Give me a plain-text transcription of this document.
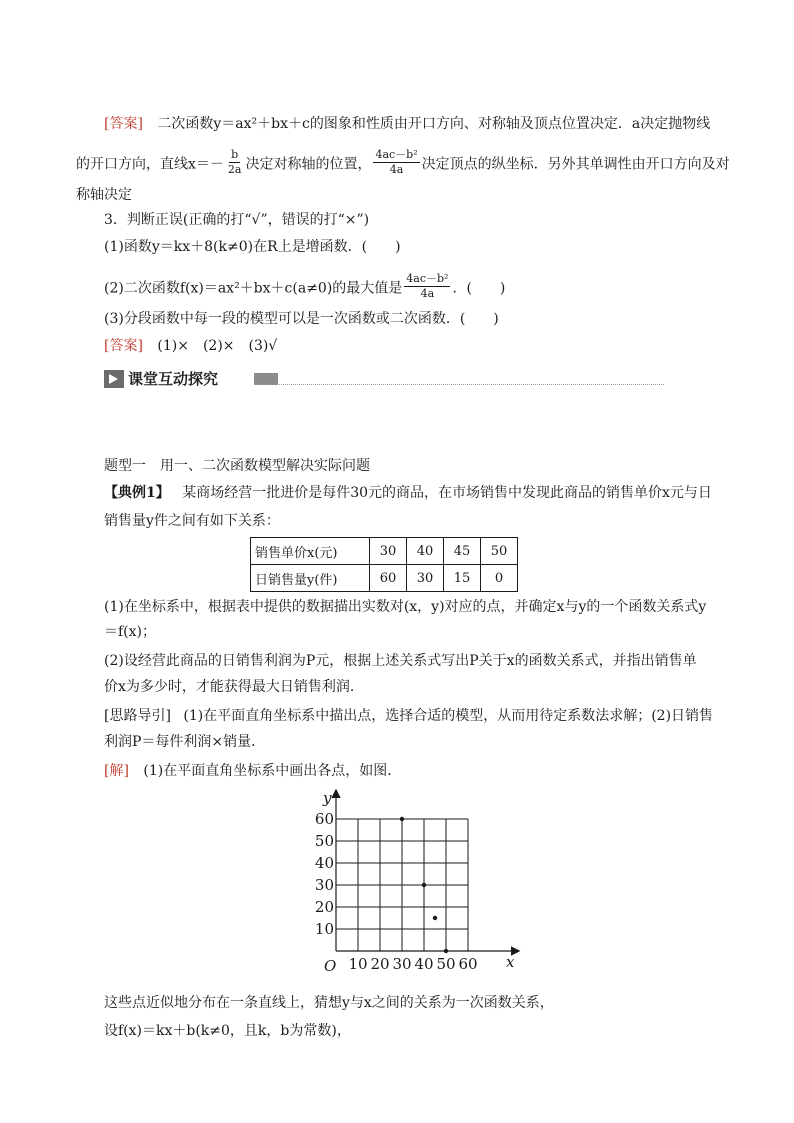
[答案] 二次函数y＝ax²＋bx＋c的图象和性质由开口方向、对称轴及顶点位置决定．a决定抛物线
的开口方向，直线$x=- \frac{b}{2a}$ 决定对称轴的位置， $\frac{\text{4ac－b²}}{4a}$ 决定顶点的纵坐标．另外其单调性由开口方向及对
称轴决定
3．判断正误(正确的打“√”，错误的打“×”)
(1)函数y＝kx＋8(k≠0)在R上是增函数．(　　)
(2)二次函数f(x)＝ax²＋bx＋c(a≠0)的最大值是 $\frac{\text{4ac－b²}}{4a}$ ．(　　)
(3)分段函数中每一段的模型可以是一次函数或二次函数．(　　)
[答案] (1)×　(2)×　(3)√
课堂互动探究
题型一　用一、二次函数模型解决实际问题
【典例1】 某商场经营一批进价是每件30元的商品，在市场销售中发现此商品的销售单价x元与日
销售量y件之间有如下关系：
销售单价x(元)	30	40	45	50
日销售量y(件)	60	30	15	0
(1)在坐标系中，根据表中提供的数据描出实数对(x，y)对应的点，并确定x与y的一个函数关系式y
＝f(x)；
(2)设经营此商品的日销售利润为P元，根据上述关系式写出P关于x的函数关系式，并指出销售单
价x为多少时，才能获得最大日销售利润．
[思路导引] (1)在平面直角坐标系中描出点，选择合适的模型，从而用待定系数法求解；(2)日销售
利润P＝每件利润×销量．
[解] (1)在平面直角坐标系中画出各点，如图．
10 20 30 40 50 60
10
20
30
40
50
60
O	x
y
这些点近似地分布在一条直线上，猜想y与x之间的关系为一次函数关系，
设f(x)＝kx＋b(k≠0，且k，b为常数)，
